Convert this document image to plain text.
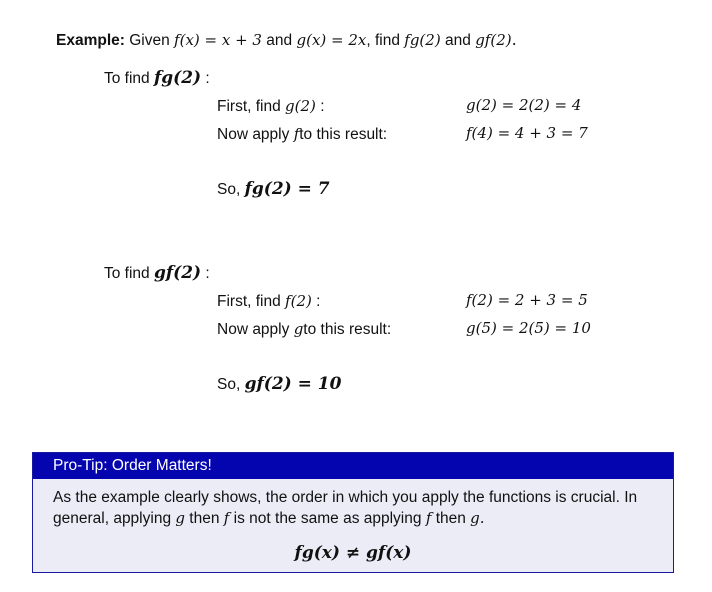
Example: Given f(x) = x + 3 and g(x) = 2x, find fg(2) and gf(2).
To find fg(2) :
First, find g(2) :	g(2) = 2(2) = 4
Now apply fto this result:	f(4) = 4 + 3 = 7
So, fg(2) = 7
To find gf(2) :
First, find f(2) :	f(2) = 2 + 3 = 5
Now apply gto this result:	g(5) = 2(5) = 10
So, gf(2) = 10
Pro-Tip: Order Matters!
As the example clearly shows, the order in which you apply the functions is crucial. In
general, applying g then f is not the same as applying f then g.
fg(x) ≠ gf(x)
